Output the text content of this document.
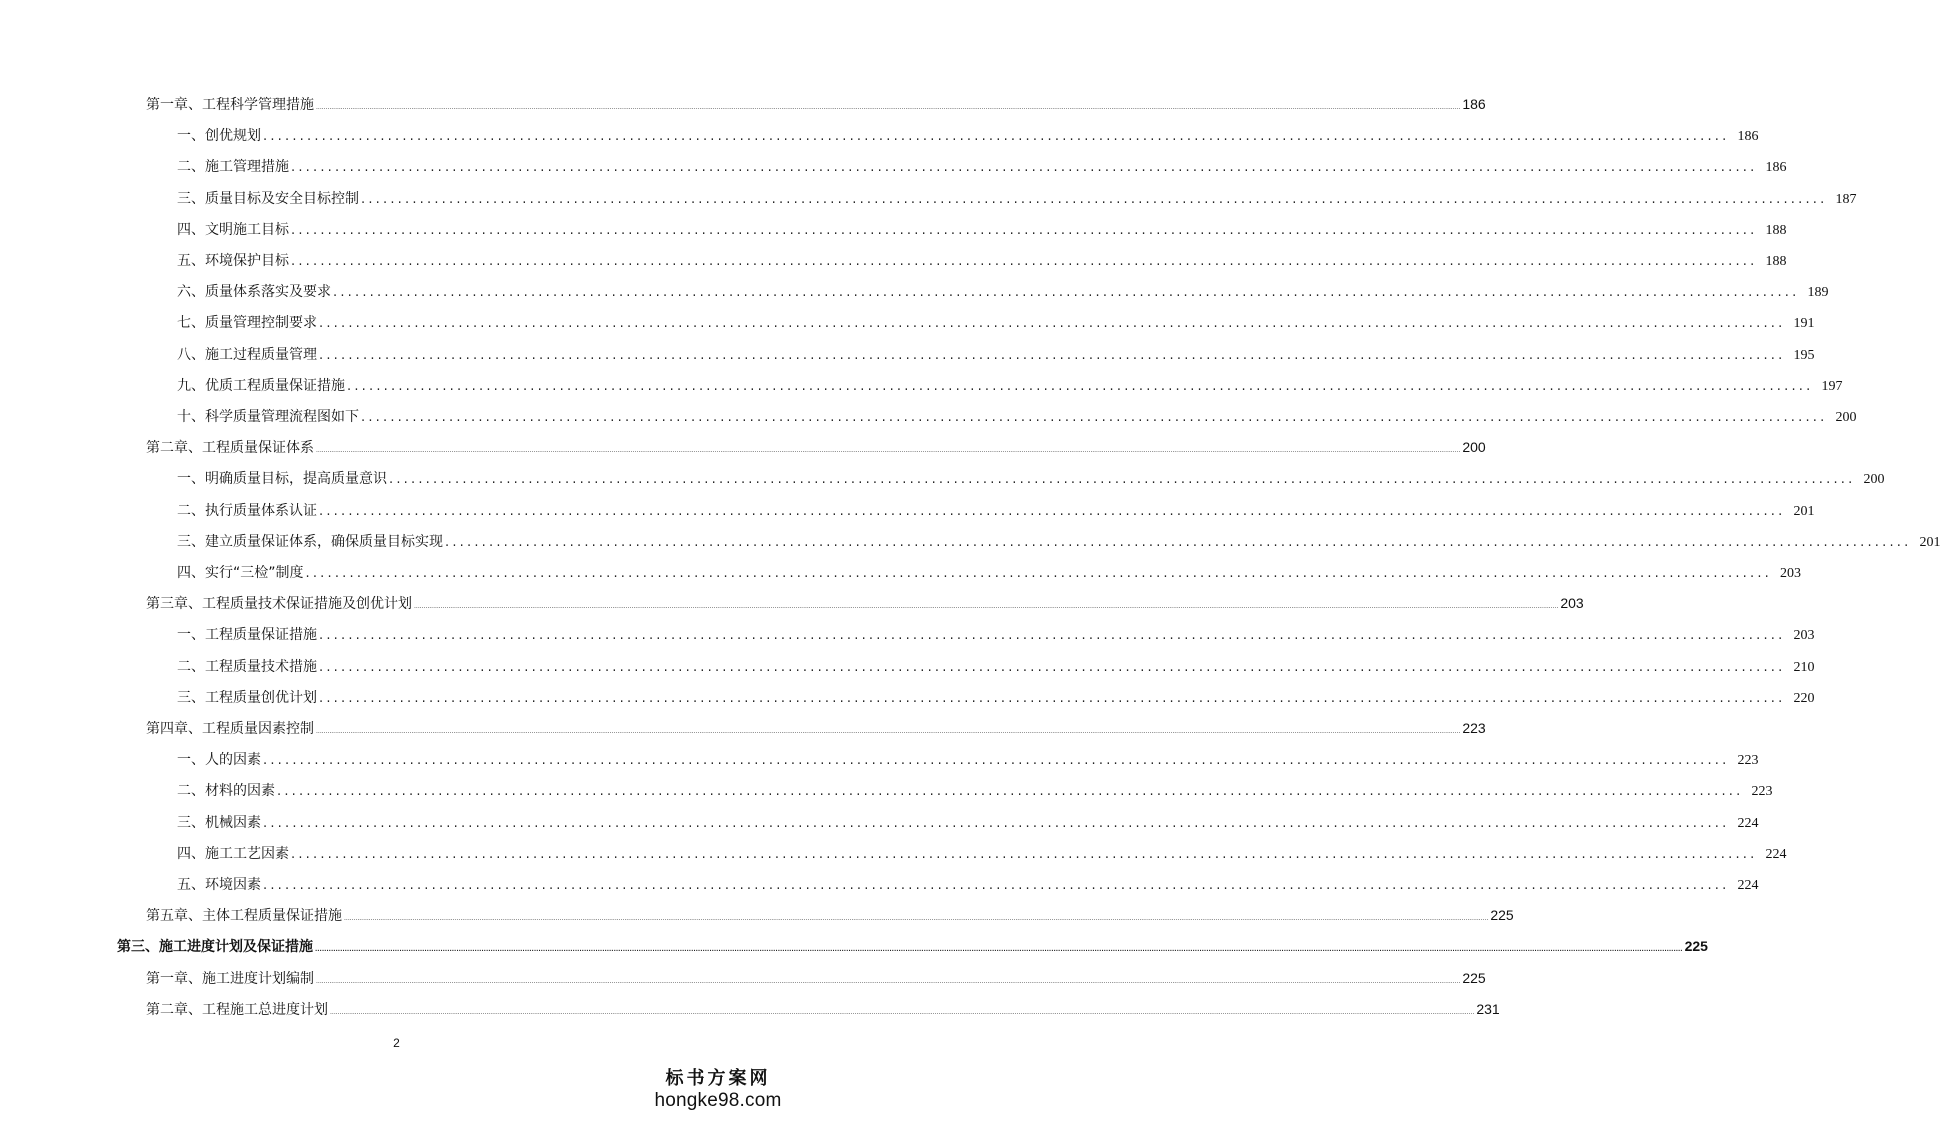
第一章、工程科学管理措施 ........................................................................................................................................................................................................................................................................................................................................................................................................................................................................................................................................................................................................................ 186
一、创优规划 ........................................................................................................................................................................................................ 186
二、施工管理措施 ........................................................................................................................................................................................................ 186
三、质量目标及安全目标控制 ........................................................................................................................................................................................................ 187
四、文明施工目标 ........................................................................................................................................................................................................ 188
五、环境保护目标 ........................................................................................................................................................................................................ 188
六、质量体系落实及要求 ........................................................................................................................................................................................................ 189
七、质量管理控制要求 ........................................................................................................................................................................................................ 191
八、施工过程质量管理 ........................................................................................................................................................................................................ 195
九、优质工程质量保证措施 ........................................................................................................................................................................................................ 197
十、科学质量管理流程图如下 ........................................................................................................................................................................................................ 200
第二章、工程质量保证体系 ........................................................................................................................................................................................................................................................................................................................................................................................................................................................................................................................................................................................................................ 200
一、明确质量目标，提高质量意识 ........................................................................................................................................................................................................ 200
二、执行质量体系认证 ........................................................................................................................................................................................................ 201
三、建立质量保证体系，确保质量目标实现 ........................................................................................................................................................................................................ 201
四、实行“三检”制度 ........................................................................................................................................................................................................ 203
第三章、工程质量技术保证措施及创优计划 ........................................................................................................................................................................................................................................................................................................................................................................................................................................................................................................................................................................................................................ 203
一、工程质量保证措施 ........................................................................................................................................................................................................ 203
二、工程质量技术措施 ........................................................................................................................................................................................................ 210
三、工程质量创优计划 ........................................................................................................................................................................................................ 220
第四章、工程质量因素控制 ........................................................................................................................................................................................................................................................................................................................................................................................................................................................................................................................................................................................................................ 223
一、人的因素 ........................................................................................................................................................................................................ 223
二、材料的因素 ........................................................................................................................................................................................................ 223
三、机械因素 ........................................................................................................................................................................................................ 224
四、施工工艺因素 ........................................................................................................................................................................................................ 224
五、环境因素 ........................................................................................................................................................................................................ 224
第五章、主体工程质量保证措施 ........................................................................................................................................................................................................................................................................................................................................................................................................................................................................................................................................................................................................................ 225
第三、施工进度计划及保证措施 ........................................................................................................................................................................................................................................................................................................................................................................................................................................................................................................................................................................................................................ 225
第一章、施工进度计划编制 ........................................................................................................................................................................................................................................................................................................................................................................................................................................................................................................................................................................................................................ 225
第二章、工程施工总进度计划 ........................................................................................................................................................................................................................................................................................................................................................................................................................................................................................................................................................................................................................ 231
2
标书方案网
hongke98.com
